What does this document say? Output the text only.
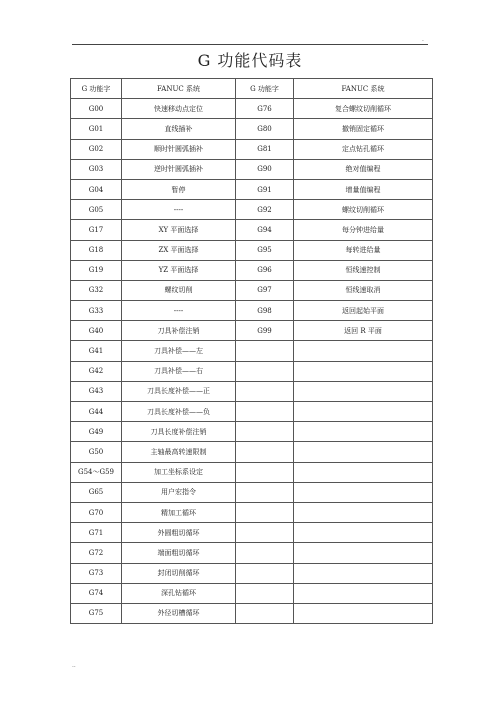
·
G 功能代码表
G 功能字	FANUC 系统	G 功能字	FANUC 系统
G00	快速移动点定位	G76	复合螺纹切削循环
G01	直线插补	G80	撤销固定循环
G02	顺时针圆弧插补	G81	定点钻孔循环
G03	逆时针圆弧插补	G90	绝对值编程
G04	暂停	G91	增量值编程
G05	----	G92	螺纹切削循环
G17	XY 平面选择	G94	每分钟进给量
G18	ZX 平面选择	G95	每转进给量
G19	YZ 平面选择	G96	恒线速控制
G32	螺纹切削	G97	恒线速取消
G33	----	G98	返回起始平面
G40	刀具补偿注销	G99	返回 R 平面
G41	刀具补偿——左		
G42	刀具补偿——右		
G43	刀具长度补偿——正		
G44	刀具长度补偿——负		
G49	刀具长度补偿注销		
G50	主轴最高转速限制		
G54～G59	加工坐标系设定		
G65	用户宏指令		
G70	精加工循环		
G71	外圆粗切循环		
G72	端面粗切循环		
G73	封闭切削循环		
G74	深孔钻循环		
G75	外径切槽循环		
..
